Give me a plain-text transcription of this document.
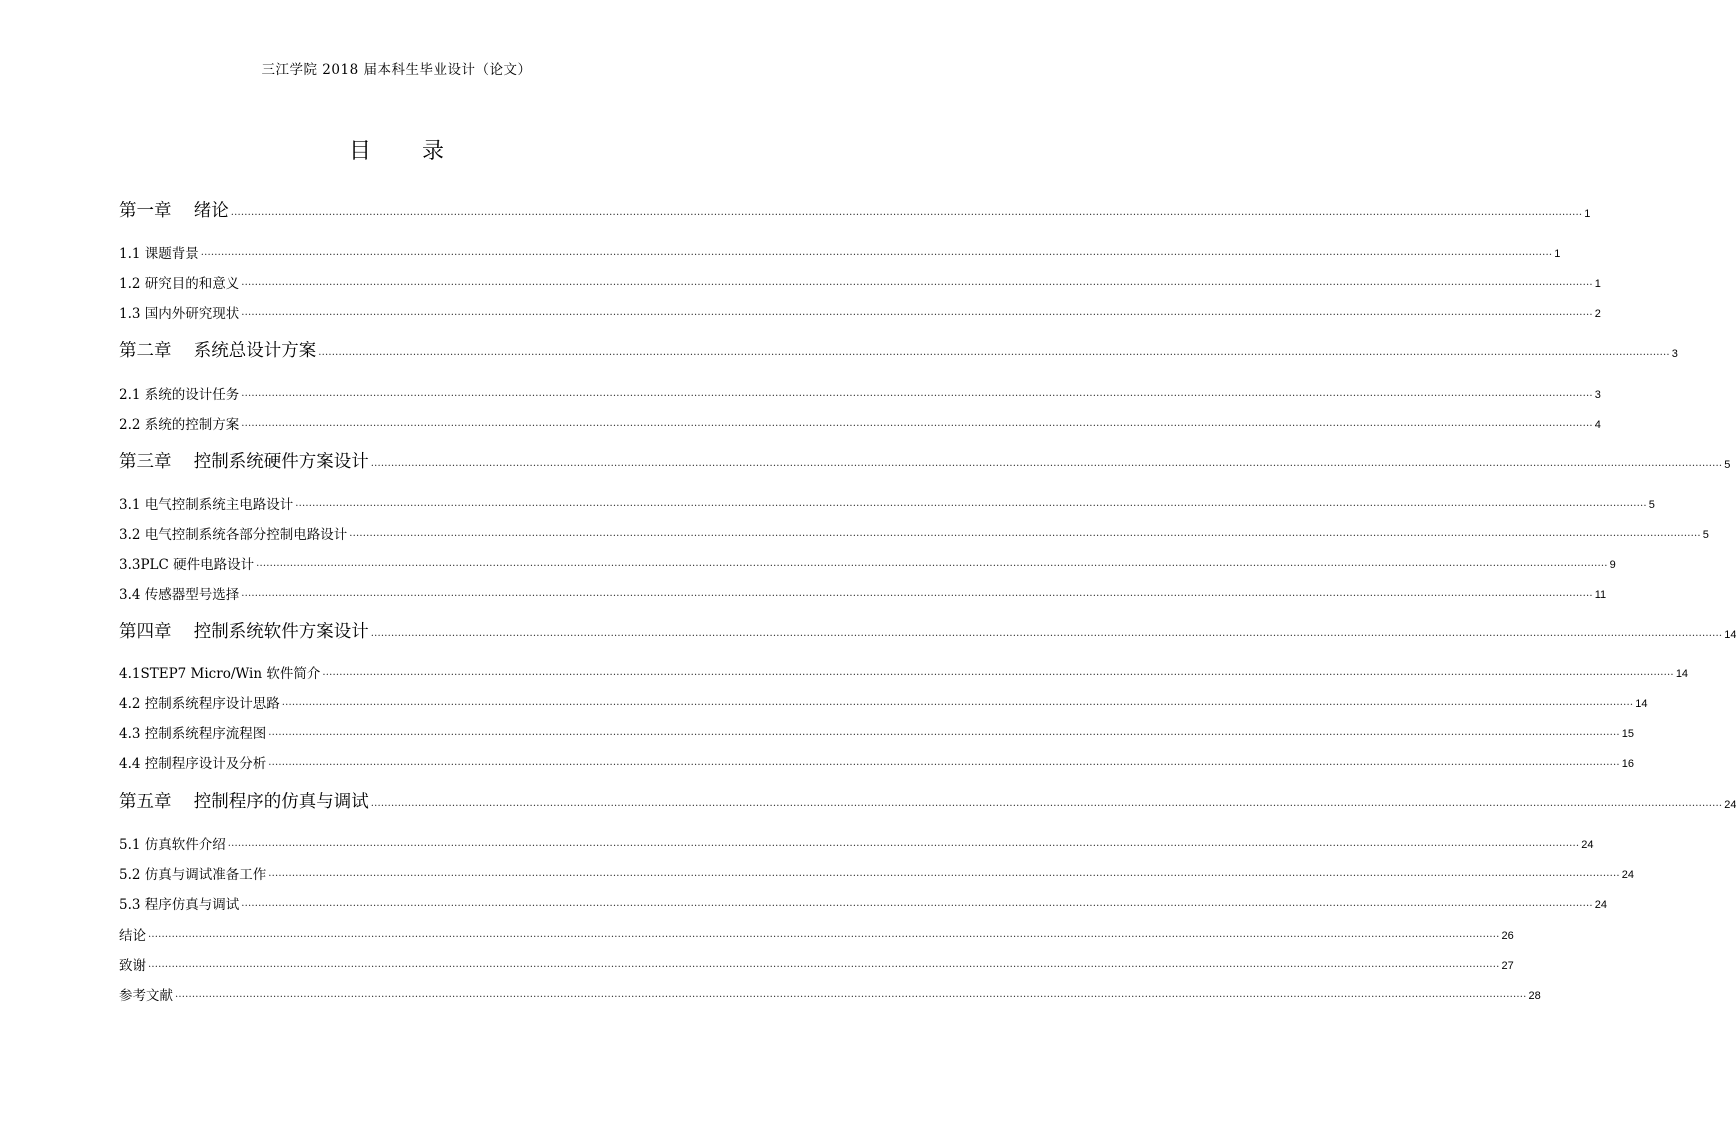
三江学院 2018 届本科生毕业设计（论文）
目 录
第一章    绪论 ................................................................................................................................................................................................................................................................................................................................................................................................................ 1
1.1 课题背景 ................................................................................................................................................................................................................................................................................................................................................................................................................ 1
1.2 研究目的和意义 ................................................................................................................................................................................................................................................................................................................................................................................................................ 1
1.3 国内外研究现状 ................................................................................................................................................................................................................................................................................................................................................................................................................ 2
第二章    系统总设计方案 ................................................................................................................................................................................................................................................................................................................................................................................................................ 3
2.1 系统的设计任务 ................................................................................................................................................................................................................................................................................................................................................................................................................ 3
2.2 系统的控制方案 ................................................................................................................................................................................................................................................................................................................................................................................................................ 4
第三章    控制系统硬件方案设计 ................................................................................................................................................................................................................................................................................................................................................................................................................ 5
3.1 电气控制系统主电路设计 ................................................................................................................................................................................................................................................................................................................................................................................................................ 5
3.2 电气控制系统各部分控制电路设计 ................................................................................................................................................................................................................................................................................................................................................................................................................ 5
3.3PLC 硬件电路设计 ................................................................................................................................................................................................................................................................................................................................................................................................................ 9
3.4 传感器型号选择 ................................................................................................................................................................................................................................................................................................................................................................................................................ 11
第四章    控制系统软件方案设计 ................................................................................................................................................................................................................................................................................................................................................................................................................ 14
4.1STEP7 Micro/Win 软件简介 ................................................................................................................................................................................................................................................................................................................................................................................................................ 14
4.2 控制系统程序设计思路 ................................................................................................................................................................................................................................................................................................................................................................................................................ 14
4.3 控制系统程序流程图 ................................................................................................................................................................................................................................................................................................................................................................................................................ 15
4.4 控制程序设计及分析 ................................................................................................................................................................................................................................................................................................................................................................................................................ 16
第五章    控制程序的仿真与调试 ................................................................................................................................................................................................................................................................................................................................................................................................................ 24
5.1 仿真软件介绍 ................................................................................................................................................................................................................................................................................................................................................................................................................ 24
5.2 仿真与调试准备工作 ................................................................................................................................................................................................................................................................................................................................................................................................................ 24
5.3 程序仿真与调试 ................................................................................................................................................................................................................................................................................................................................................................................................................ 24
结论 ................................................................................................................................................................................................................................................................................................................................................................................................................ 26
致谢 ................................................................................................................................................................................................................................................................................................................................................................................................................ 27
参考文献 ................................................................................................................................................................................................................................................................................................................................................................................................................ 28
